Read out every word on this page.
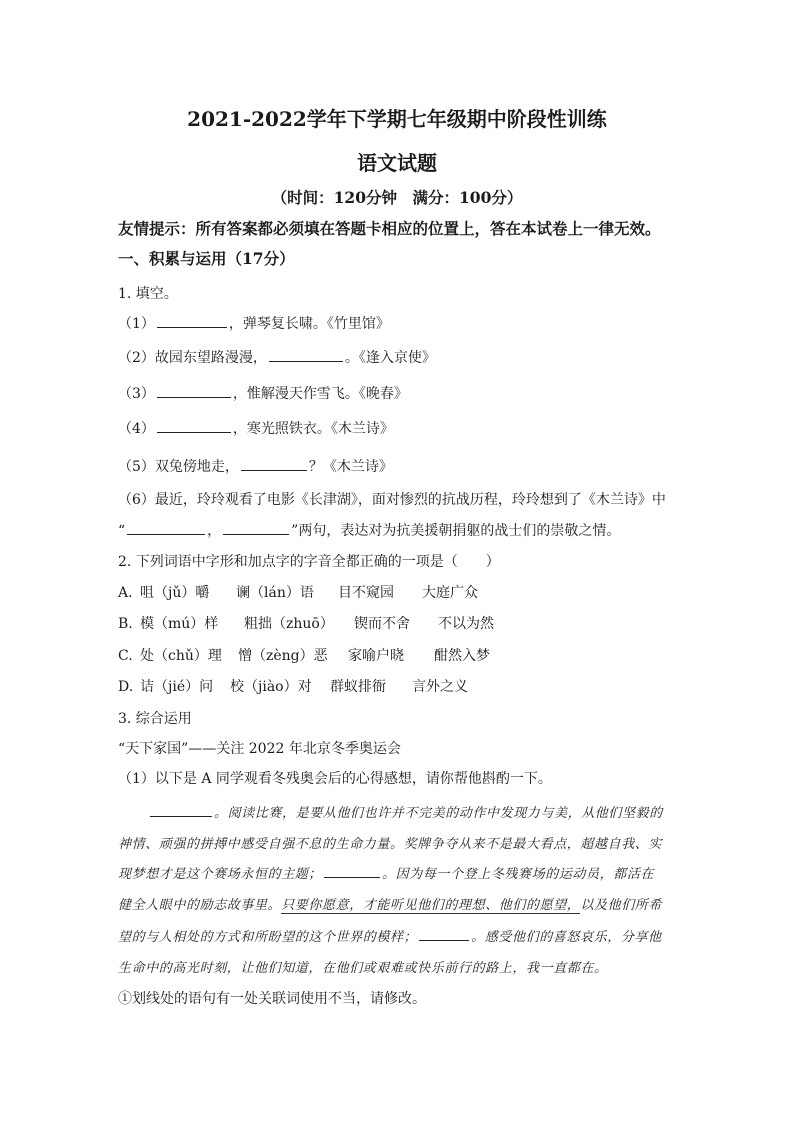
2021-2022学年下学期七年级期中阶段性训练
语文试题
（时间：120分钟　满分：100分）
友情提示：所有答案都必须填在答题卡相应的位置上，答在本试卷上一律无效。
一、积累与运用（17分）
1. 填空。
（1）	，弹琴复长啸。《竹里馆》
（2）故园东望路漫漫，	。《逢入京使》
（3）	，惟解漫天作雪飞。《晚春》
（4）	，寒光照铁衣。《木兰诗》
（5）双兔傍地走，	？《木兰诗》
（6）最近，玲玲观看了电影《长津湖》，面对惨烈的抗战历程，玲玲想到了《木兰诗》中
“	，	”两句，表达对为抗美援朝捐躯的战士们的崇敬之情。
2. 下列词语中字形和加点字的字音全都正确的一项是（　　）
A. 咀（jǔ）嚼 谰（lán）语 目不窥园 大庭广众
B. 模（mú）样 粗拙（zhuō） 锲而不舍 不以为然
C. 处（chǔ）理 憎（zèng）恶 家喻户晓 酣然入梦
D. 诘（jié）问 校（jiào）对 群蚁排衙 言外之义
3. 综合运用
“天下家国”——关注 2022 年北京冬季奥运会
（1）以下是 A 同学观看冬残奥会后的心得感想，请你帮他斟酌一下。
。阅读比赛，是要从他们也许并不完美的动作中发现力与美，从他们坚毅的
神情、顽强的拼搏中感受自强不息的生命力量。奖牌争夺从来不是最大看点，超越自我、实
现梦想才是这个赛场永恒的主题；	。因为每一个登上冬残赛场的运动员，都活在
健全人眼中的励志故事里。只要你愿意，才能听见他们的理想、他们的愿望，以及他们所希
望的与人相处的方式和所盼望的这个世界的模样；	。感受他们的喜怒哀乐，分享他
生命中的高光时刻，让他们知道，在他们或艰难或快乐前行的路上，我一直都在。
①划线处的语句有一处关联词使用不当，请修改。
